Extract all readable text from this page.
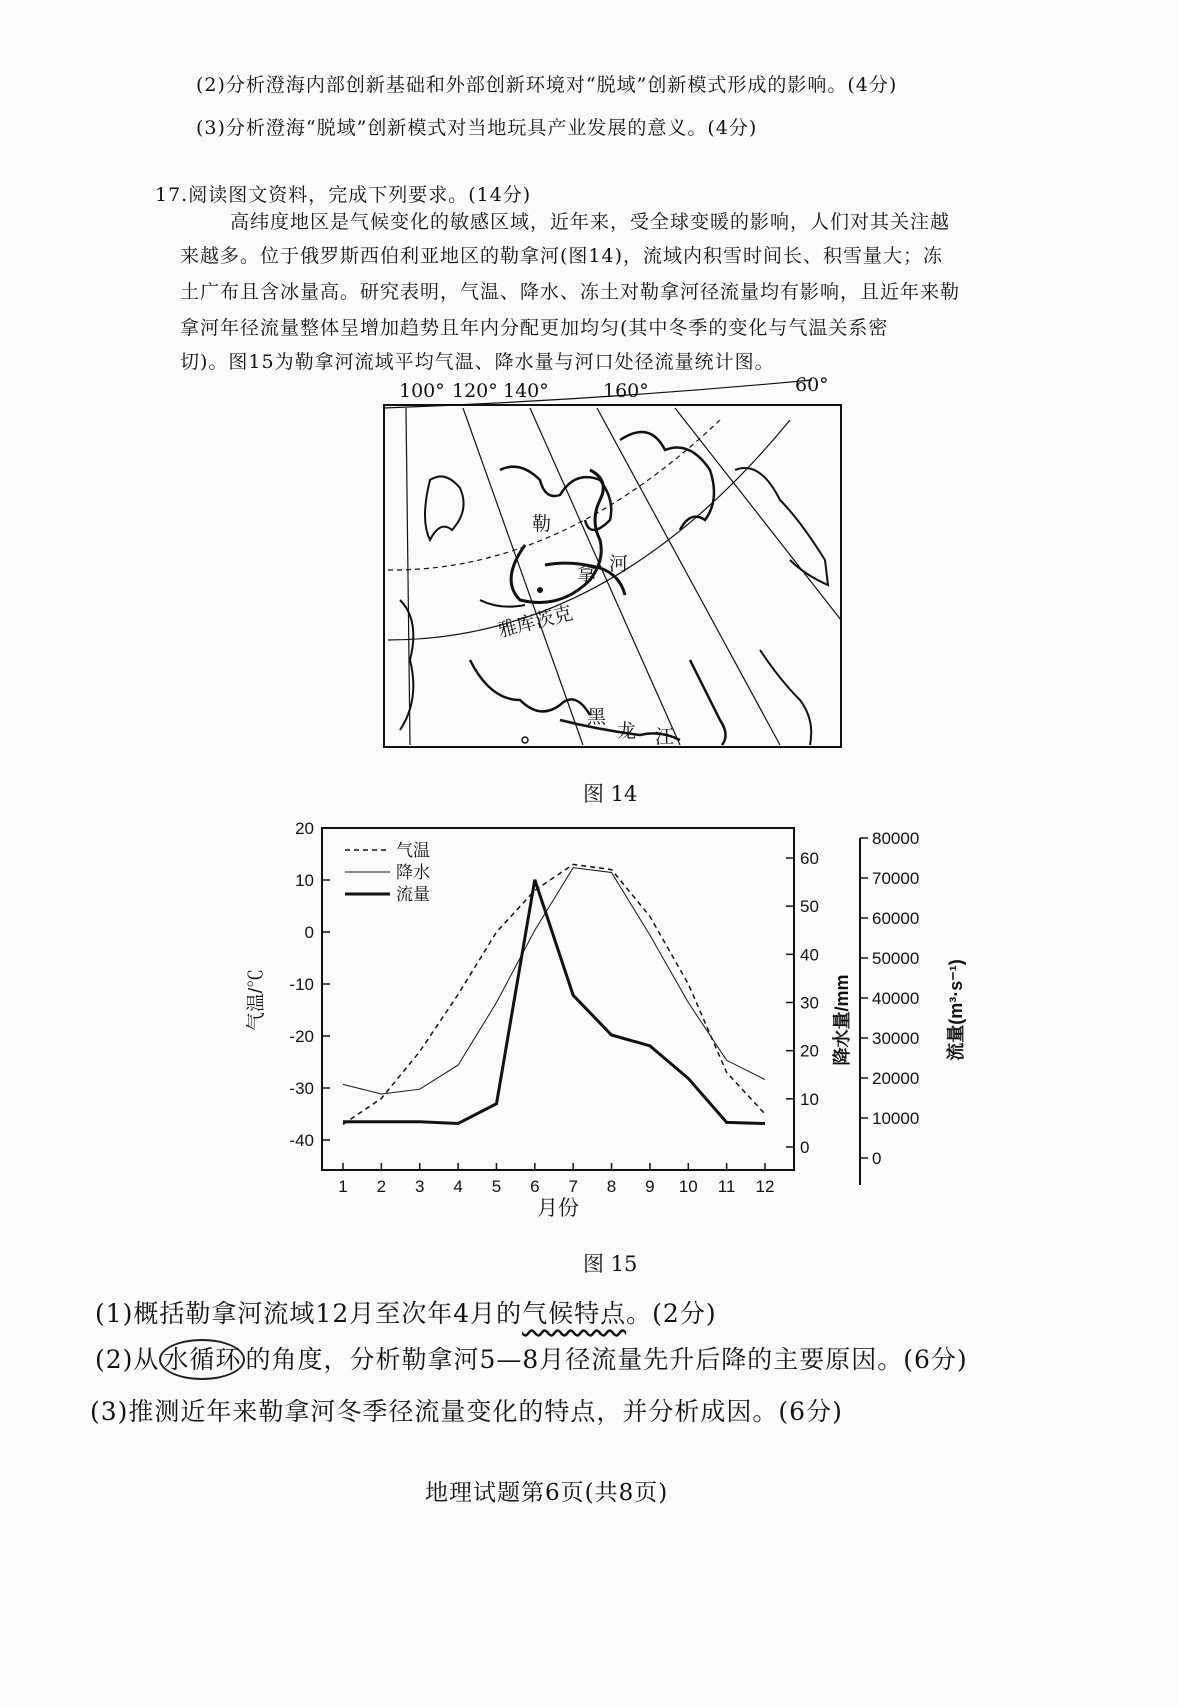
(2)分析澄海内部创新基础和外部创新环境对“脱域”创新模式形成的影响。(4分)
(3)分析澄海“脱域”创新模式对当地玩具产业发展的意义。(4分)
17.阅读图文资料，完成下列要求。(14分)
高纬度地区是气候变化的敏感区域，近年来，受全球变暖的影响，人们对其关注越
来越多。位于俄罗斯西伯利亚地区的勒拿河(图14)，流域内积雪时间长、积雪量大；冻
土广布且含冰量高。研究表明，气温、降水、冻土对勒拿河径流量均有影响，且近年来勒
拿河年径流量整体呈增加趋势且年内分配更加均匀(其中冬季的变化与气温关系密
切)。图15为勒拿河流域平均气温、降水量与河口处径流量统计图。
100° 120° 140°	160°	60°
勒
拿 河
雅库茨克
黑
龙 江
图 14
20
10
0
-10
-20
-30
-40
60
50
40
30
20
10
0
80000
70000
60000
50000
40000
30000
20000
10000
0
1 2 3 4 5 6 7 8 9 10 11 12
气温
降水
流量
气温/℃	降水量/mm	流量(m³·s⁻¹)
月份
图 15
(1)概括勒拿河流域12月至次年4月的气候特点。(2分)
(2)从 水循环 的角度，分析勒拿河5—8月径流量先升后降的主要原因。(6分)
(3)推测近年来勒拿河冬季径流量变化的特点，并分析成因。(6分)
地理试题第6页(共8页)
